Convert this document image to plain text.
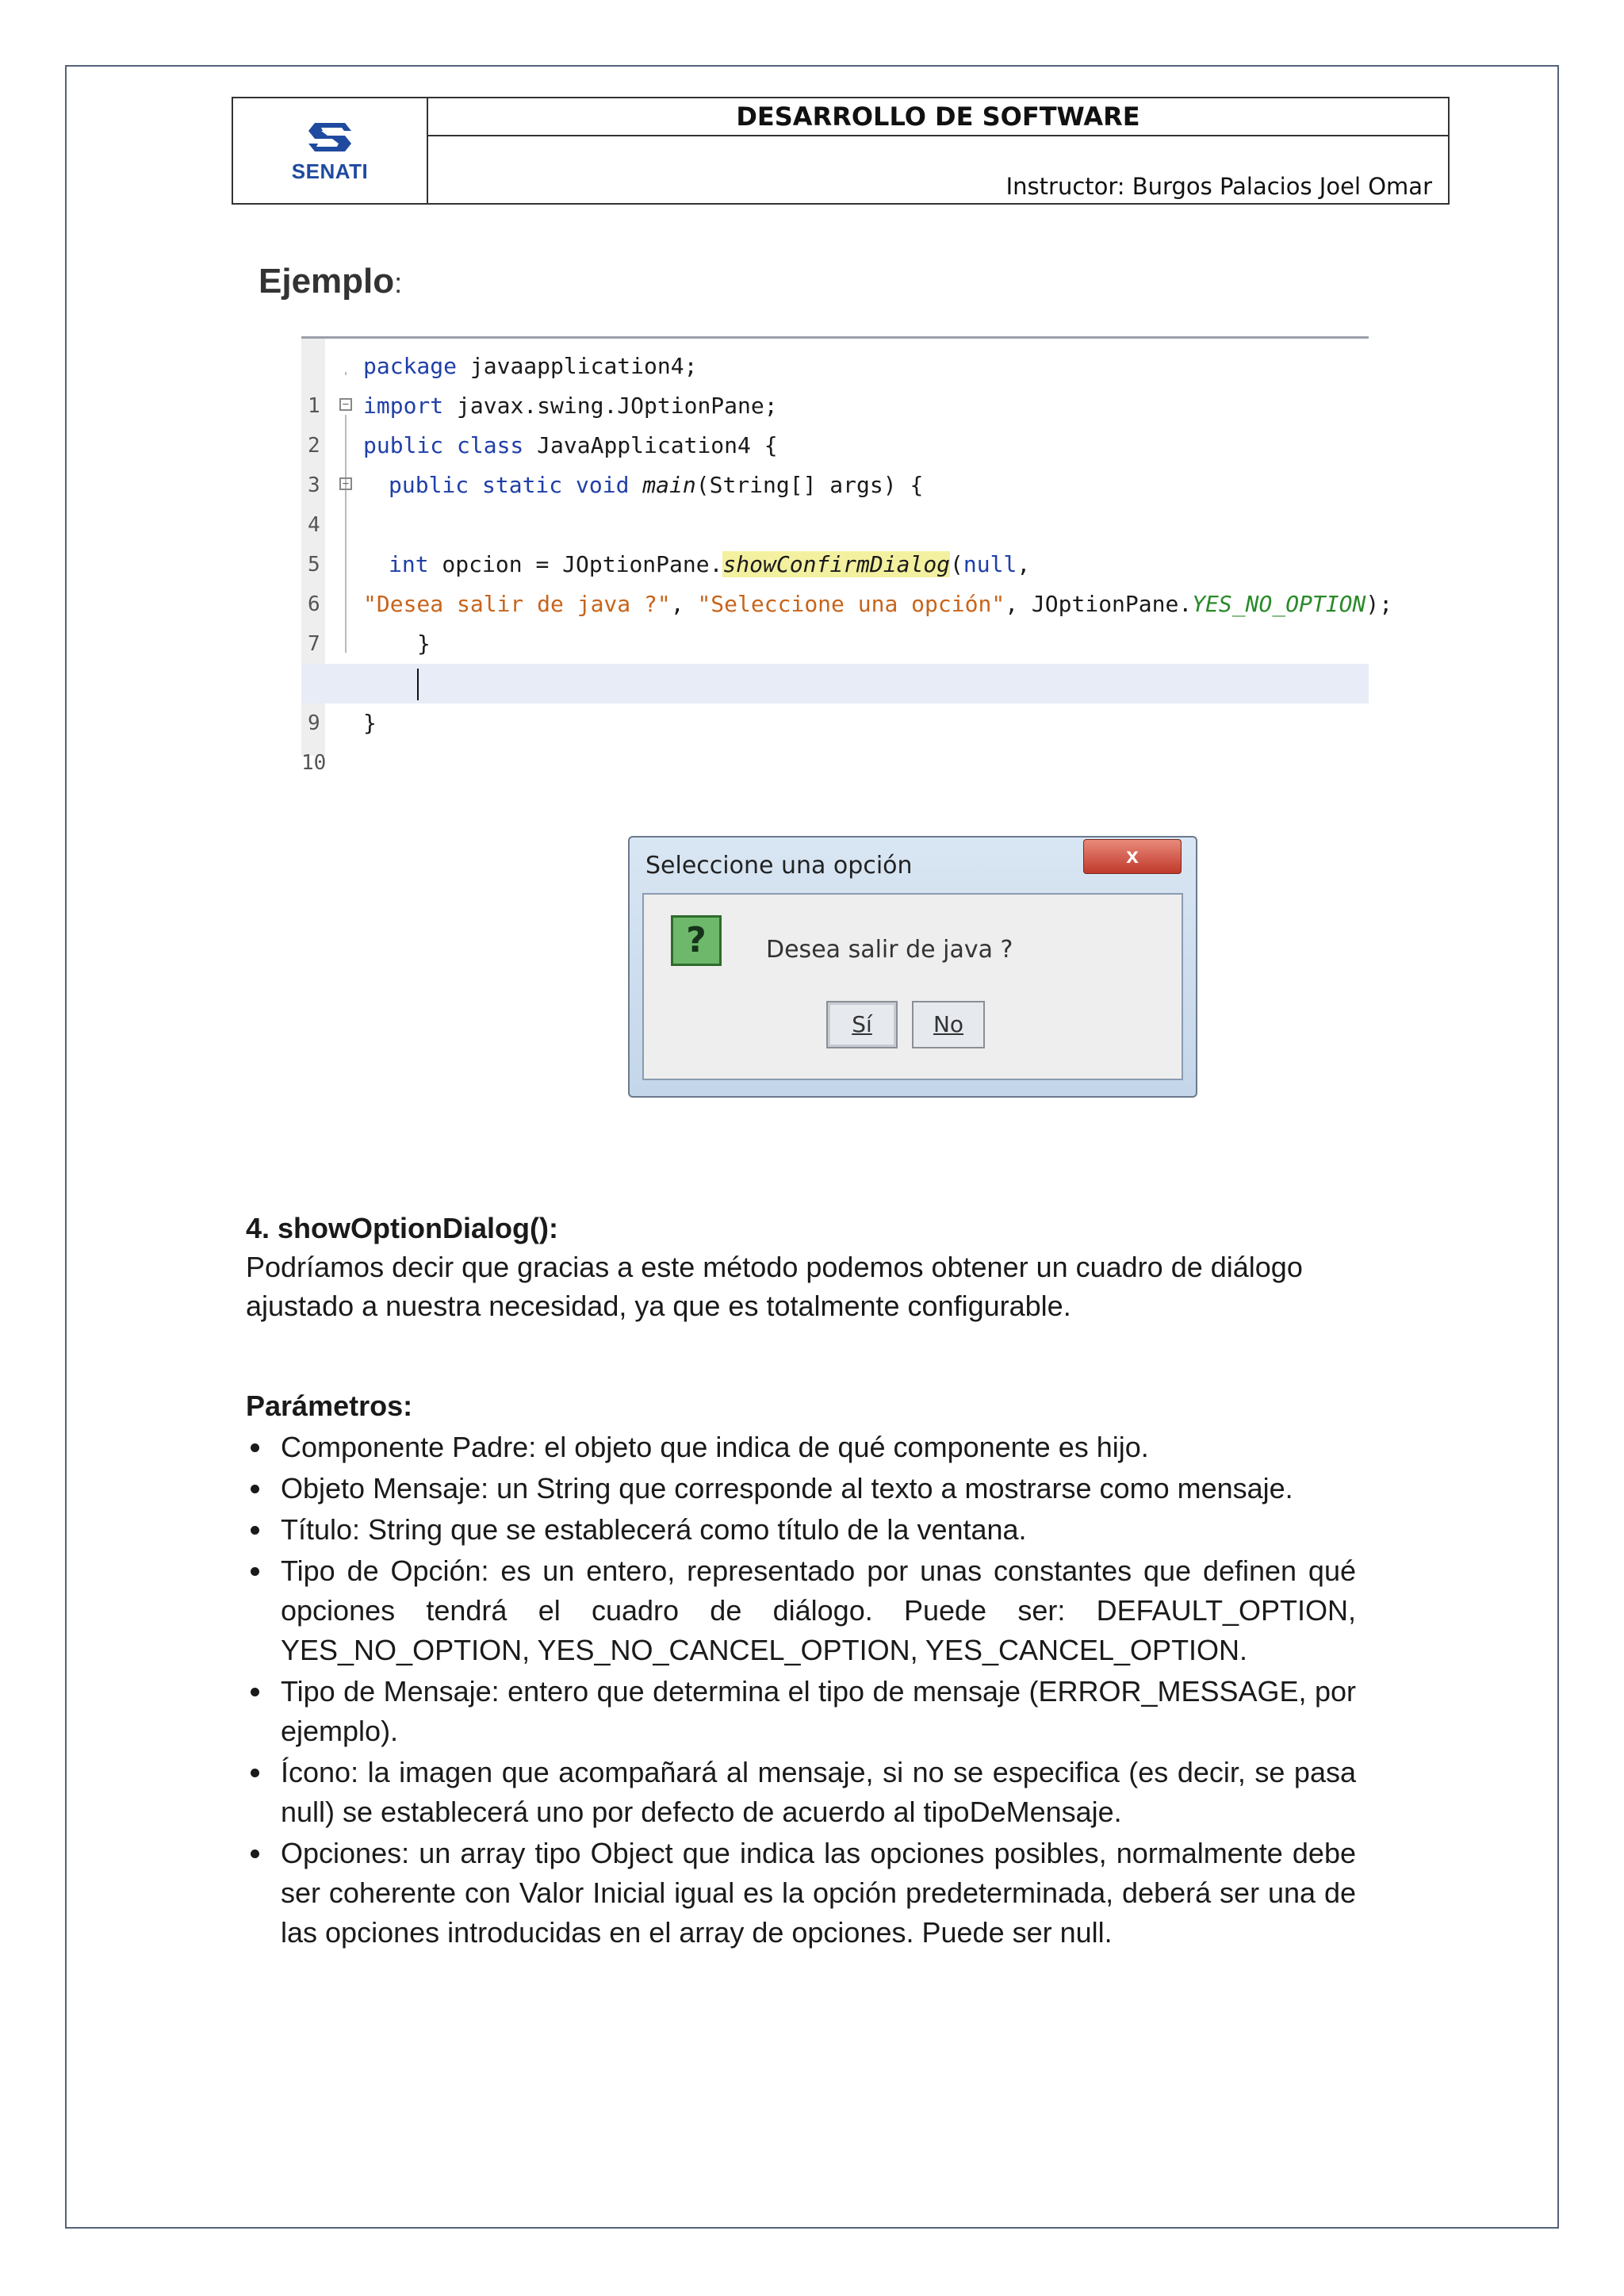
SENATI
DESARROLLO DE SOFTWARE
Instructor: Burgos Palacios Joel Omar
Ejemplo:

1

package javaapplication4;

2

−

import javax.swing.JOptionPane;

3

public class JavaApplication4 {

4

−

public static void main(String[] args) {

5

6

int opcion = JOptionPane.showConfirmDialog(null,

7

"Desea salir de java ?", "Seleccione una opción", JOptionPane.YES_NO_OPTION);

}

9

10

}

Seleccione una opción	x
?	Desea salir de java ?
Sí	No
4. showOptionDialog():
Podríamos decir que gracias a este método podemos obtener un cuadro de diálogo ajustado a nuestra necesidad, ya que es totalmente configurable.
Parámetros:
Componente Padre: el objeto que indica de qué componente es hijo.
Objeto Mensaje: un String que corresponde al texto a mostrarse como mensaje.
Título: String que se establecerá como título de la ventana.
Tipo de Opción: es un entero, representado por unas constantes que definen qué opciones tendrá el cuadro de diálogo. Puede ser: DEFAULT_OPTION, YES_NO_OPTION, YES_NO_CANCEL_OPTION, YES_CANCEL_OPTION.
Tipo de Mensaje: entero que determina el tipo de mensaje (ERROR_MESSAGE, por ejemplo).
Ícono: la imagen que acompañará al mensaje, si no se especifica (es decir, se pasa null) se establecerá uno por defecto de acuerdo al tipoDeMensaje.
Opciones: un array tipo Object que indica las opciones posibles, normalmente debe ser coherente con Valor Inicial igual es la opción predeterminada, deberá ser una de las opciones introducidas en el array de opciones. Puede ser null.
